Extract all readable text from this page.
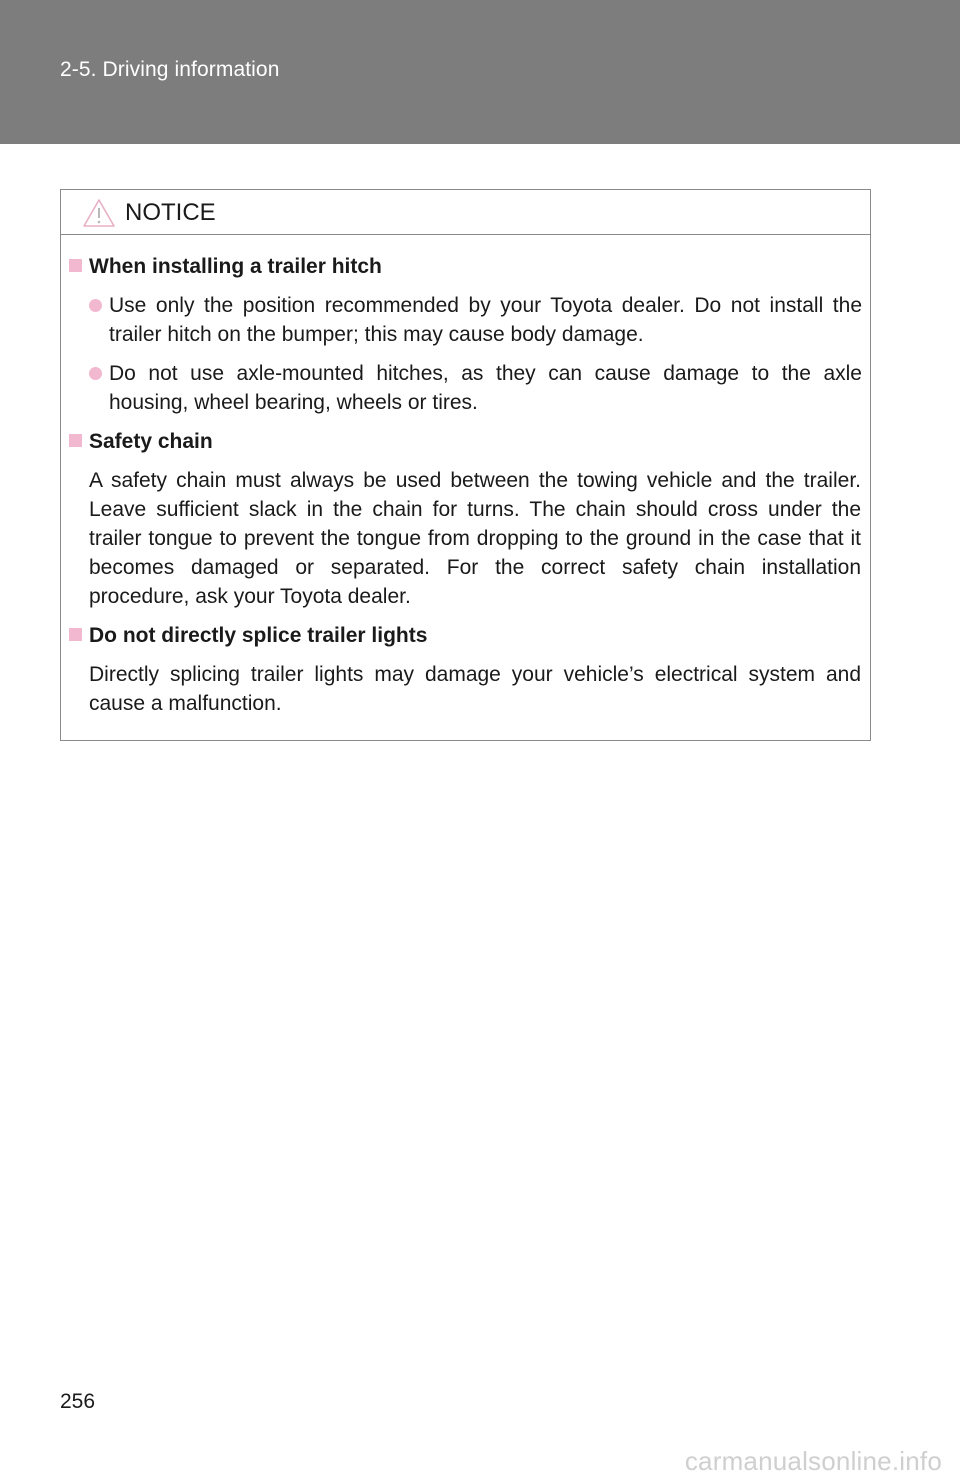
2-5. Driving information
NOTICE
When installing a trailer hitch
Use only the position recommended by your Toyota dealer. Do not install the trailer hitch on the bumper; this may cause body damage.
Do not use axle-mounted hitches, as they can cause damage to the axle housing, wheel bearing, wheels or tires.
Safety chain
A safety chain must always be used between the towing vehicle and the trailer. Leave sufficient slack in the chain for turns. The chain should cross under the trailer tongue to prevent the tongue from dropping to the ground in the case that it becomes damaged or separated. For the correct safety chain installation procedure, ask your Toyota dealer.
Do not directly splice trailer lights
Directly splicing trailer lights may damage your vehicle’s electrical system and cause a malfunction.
256
carmanualsonline.info
